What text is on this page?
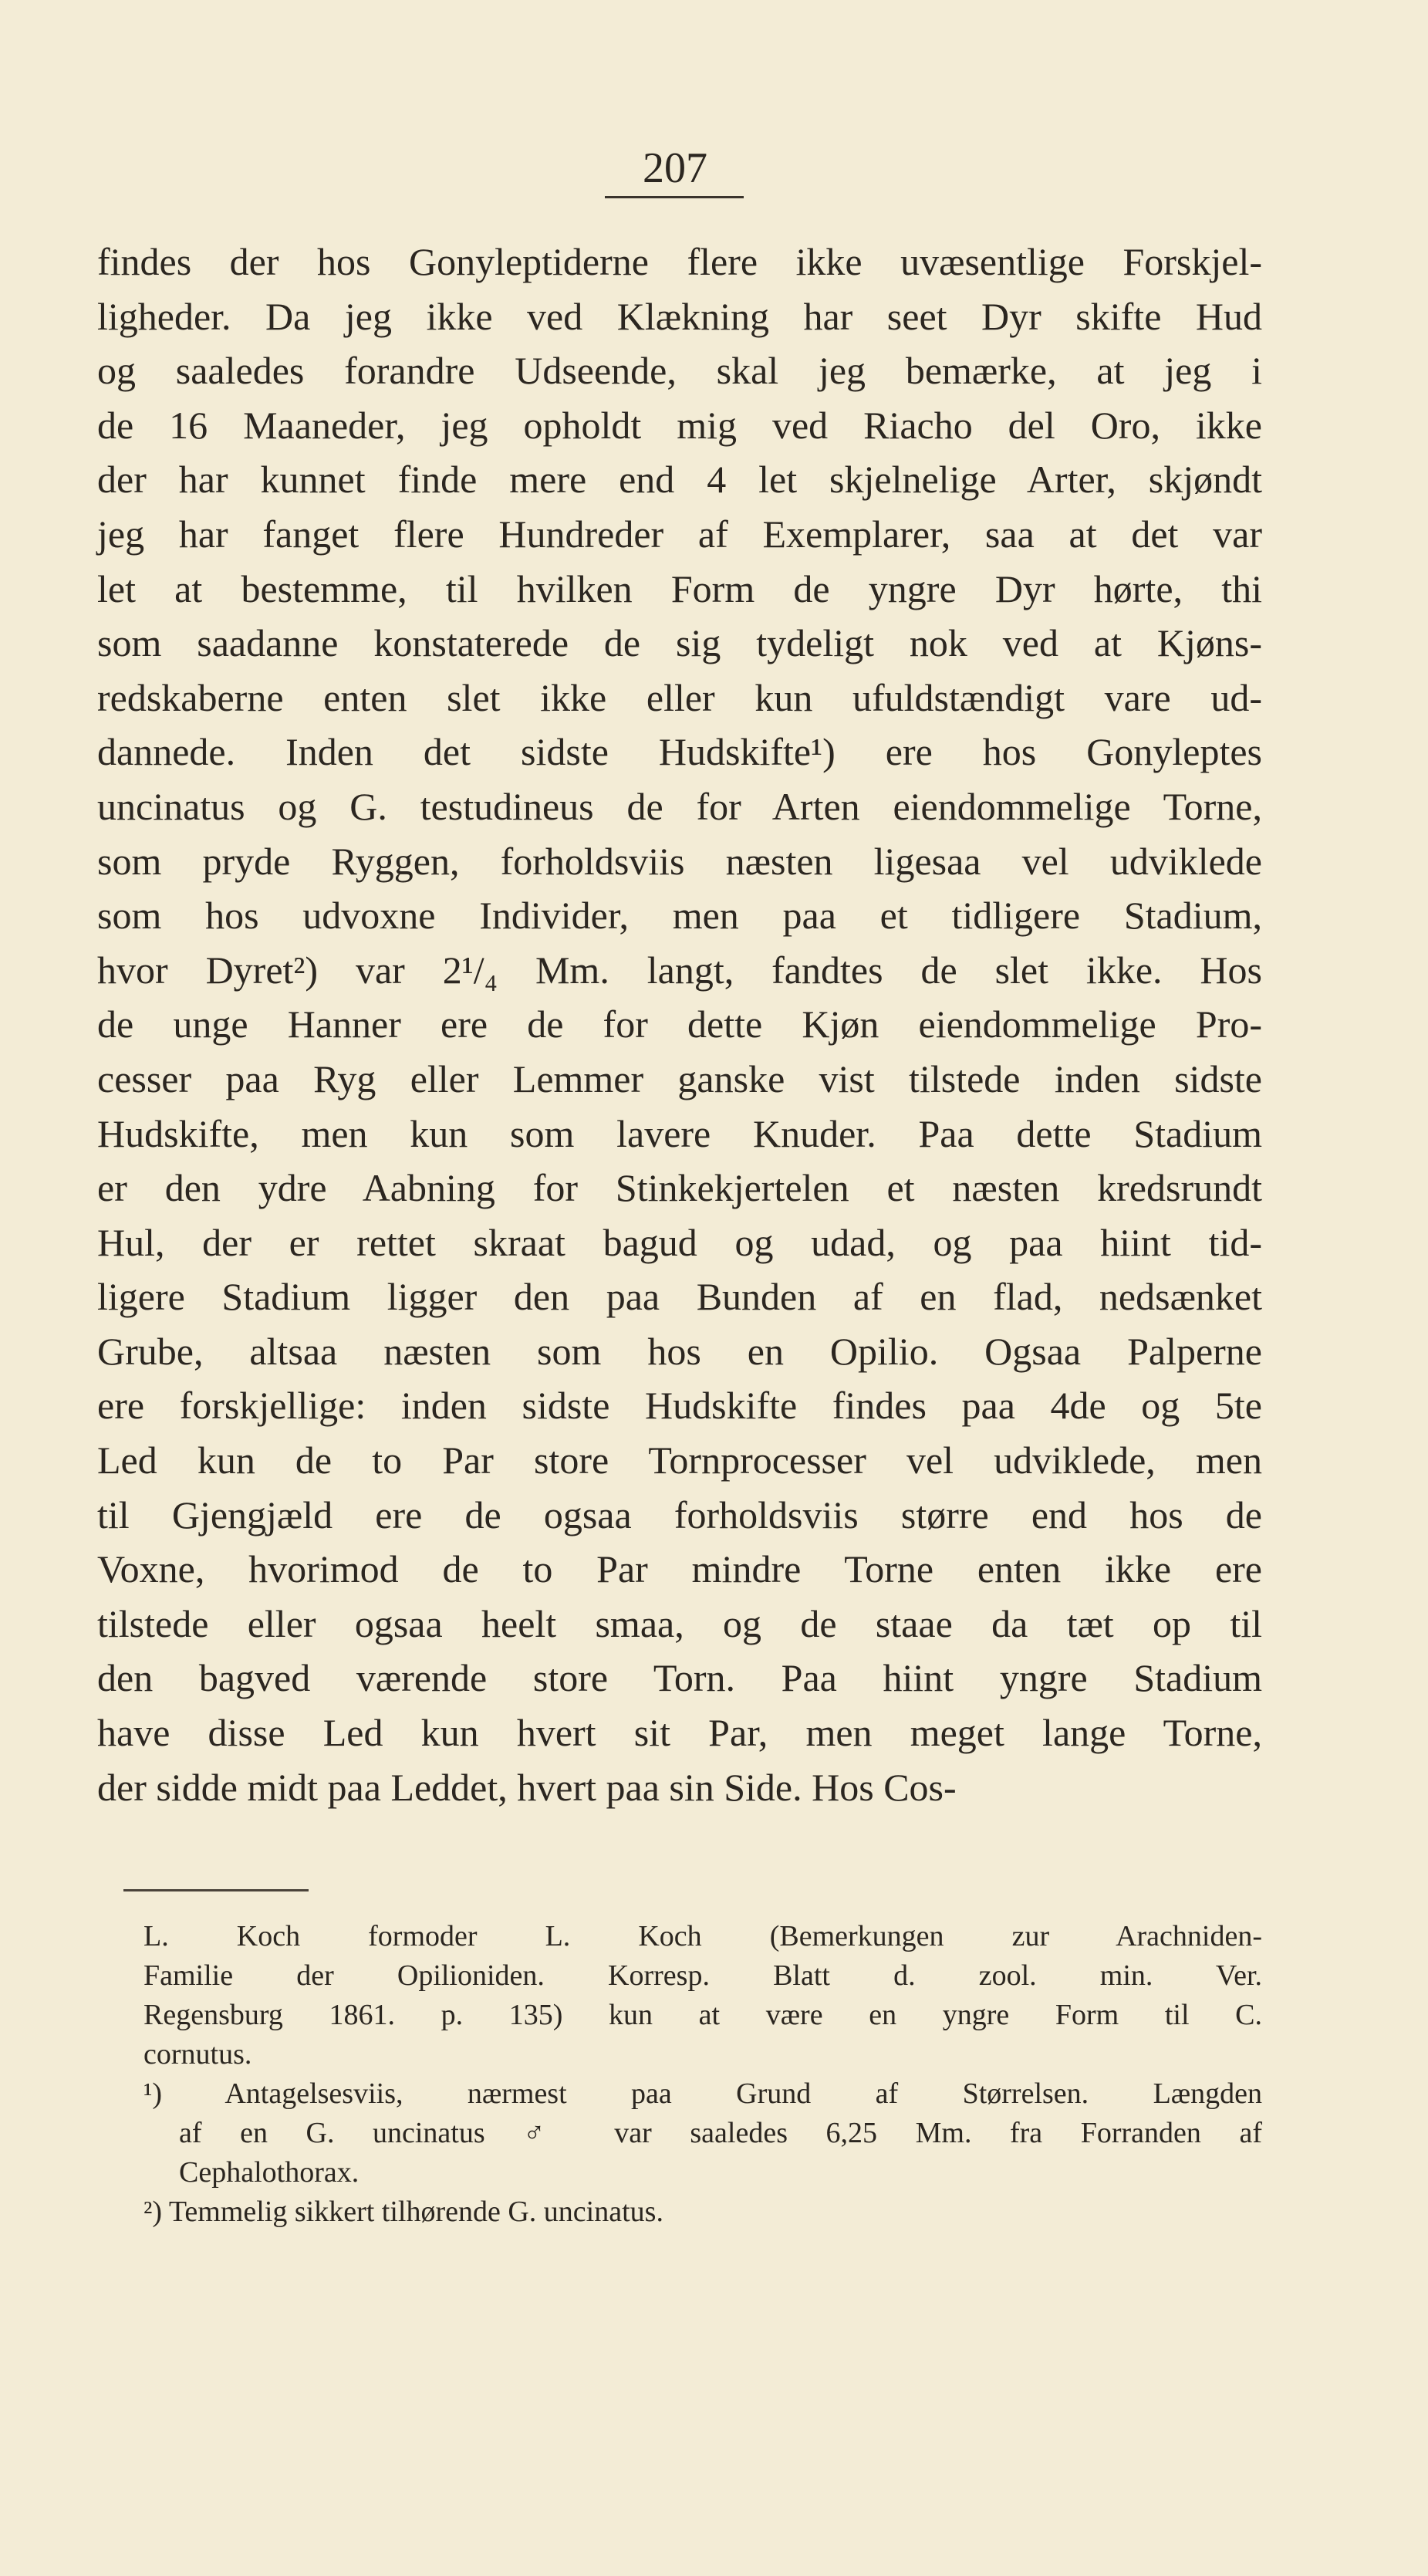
207
findes der hos Gonyleptiderne flere ikke uvæsentlige Forskjel-
ligheder. Da jeg ikke ved Klækning har seet Dyr skifte Hud
og saaledes forandre Udseende, skal jeg bemærke, at jeg i
de 16 Maaneder, jeg opholdt mig ved Riacho del Oro, ikke
der har kunnet finde mere end 4 let skjelnelige Arter, skjøndt
jeg har fanget flere Hundreder af Exemplarer, saa at det var
let at bestemme, til hvilken Form de yngre Dyr hørte, thi
som saadanne konstaterede de sig tydeligt nok ved at Kjøns-
redskaberne enten slet ikke eller kun ufuldstændigt vare ud-
dannede. Inden det sidste Hudskifte¹) ere hos Gonyleptes
uncinatus og G. testudineus de for Arten eiendommelige Torne,
som pryde Ryggen, forholdsviis næsten ligesaa vel udviklede
som hos udvoxne Individer, men paa et tidligere Stadium,
hvor Dyret²) var 2¹/₄ Mm. langt, fandtes de slet ikke. Hos
de unge Hanner ere de for dette Kjøn eiendommelige Pro-
cesser paa Ryg eller Lemmer ganske vist tilstede inden sidste
Hudskifte, men kun som lavere Knuder. Paa dette Stadium
er den ydre Aabning for Stinkekjertelen et næsten kredsrundt
Hul, der er rettet skraat bagud og udad, og paa hiint tid-
ligere Stadium ligger den paa Bunden af en flad, nedsænket
Grube, altsaa næsten som hos en Opilio. Ogsaa Palperne
ere forskjellige: inden sidste Hudskifte findes paa 4de og 5te
Led kun de to Par store Tornprocesser vel udviklede, men
til Gjengjæld ere de ogsaa forholdsviis større end hos de
Voxne, hvorimod de to Par mindre Torne enten ikke ere
tilstede eller ogsaa heelt smaa, og de staae da tæt op til
den bagved værende store Torn. Paa hiint yngre Stadium
have disse Led kun hvert sit Par, men meget lange Torne,
der sidde midt paa Leddet, hvert paa sin Side. Hos Cos-
L. Koch formoder L. Koch (Bemerkungen zur Arachniden-
Familie der Opilioniden. Korresp. Blatt d. zool. min. Ver.
Regensburg 1861. p. 135) kun at være en yngre Form til C.
cornutus.
¹) Antagelsesviis, nærmest paa Grund af Størrelsen. Længden
af en G. uncinatus ♂ var saaledes 6,25 Mm. fra Forranden af
Cephalothorax.
²) Temmelig sikkert tilhørende G. uncinatus.
